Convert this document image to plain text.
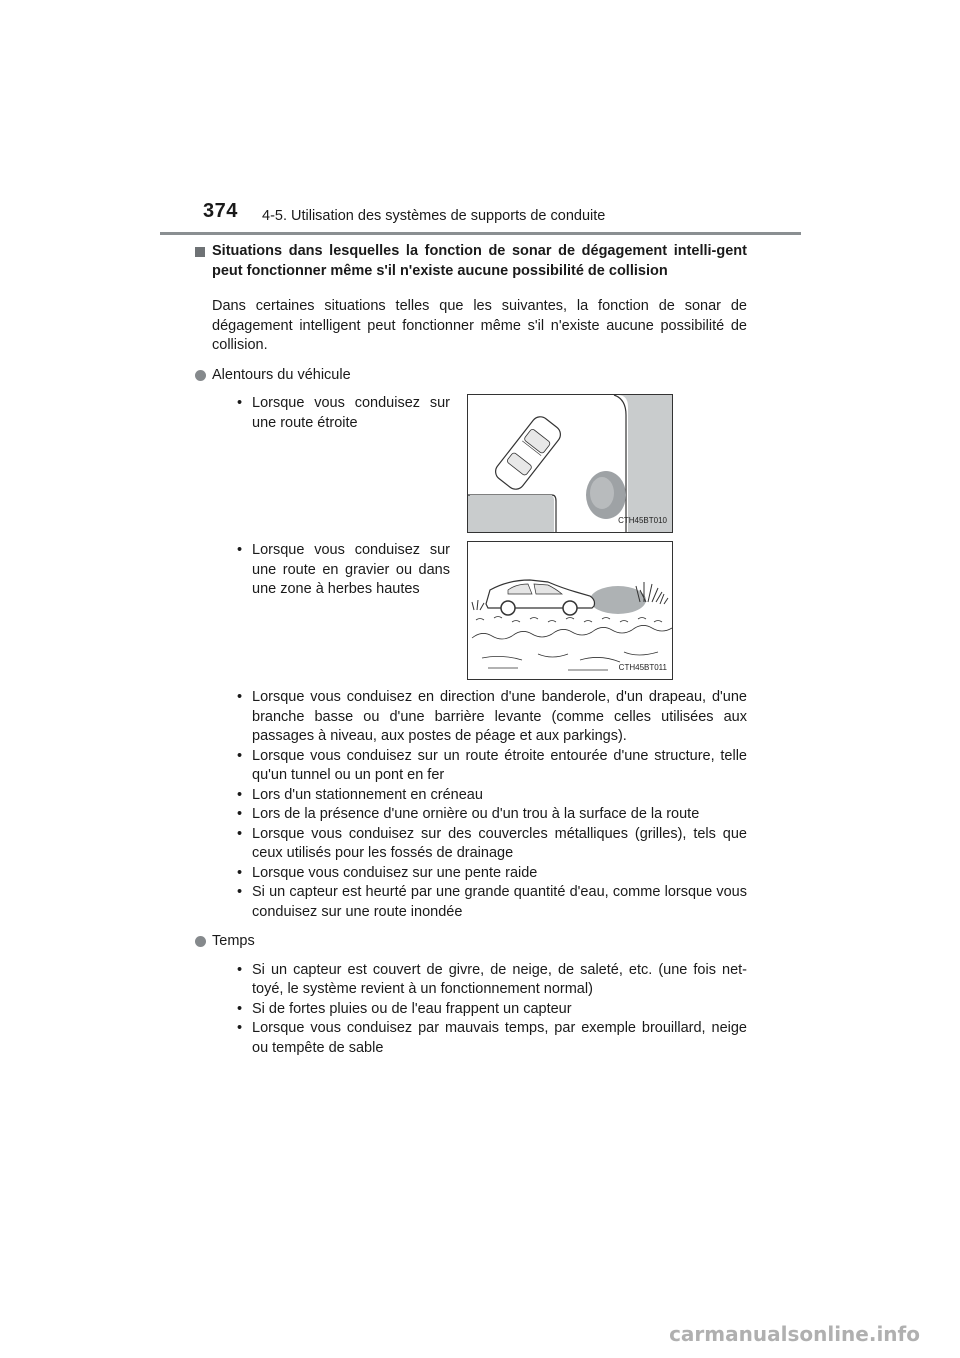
374 4-5. Utilisation des systèmes de supports de conduite
Situations dans lesquelles la fonction de sonar de dégagement intelli-gent peut fonctionner même s'il n'existe aucune possibilité de collision
Dans certaines situations telles que les suivantes, la fonction de sonar de dégagement intelligent peut fonctionner même s'il n'existe aucune possibilité de collision.
Alentours du véhicule
• Lorsque vous conduisez sur une route étroite
CTH45BT010
• Lorsque vous conduisez sur une route en gravier ou dans une zone à herbes hautes
CTH45BT011
• Lorsque vous conduisez en direction d'une banderole, d'un drapeau, d'une branche basse ou d'une barrière levante (comme celles utilisées aux passages à niveau, aux postes de péage et aux parkings).
• Lorsque vous conduisez sur un route étroite entourée d'une structure, telle qu'un tunnel ou un pont en fer
• Lors d'un stationnement en créneau
• Lors de la présence d'une ornière ou d'un trou à la surface de la route
• Lorsque vous conduisez sur des couvercles métalliques (grilles), tels que ceux utilisés pour les fossés de drainage
• Lorsque vous conduisez sur une pente raide
• Si un capteur est heurté par une grande quantité d'eau, comme lorsque vous conduisez sur une route inondée
Temps
• Si un capteur est couvert de givre, de neige, de saleté, etc. (une fois net-toyé, le système revient à un fonctionnement normal)
• Si de fortes pluies ou de l'eau frappent un capteur
• Lorsque vous conduisez par mauvais temps, par exemple brouillard, neige ou tempête de sable
carmanualsonline.info
